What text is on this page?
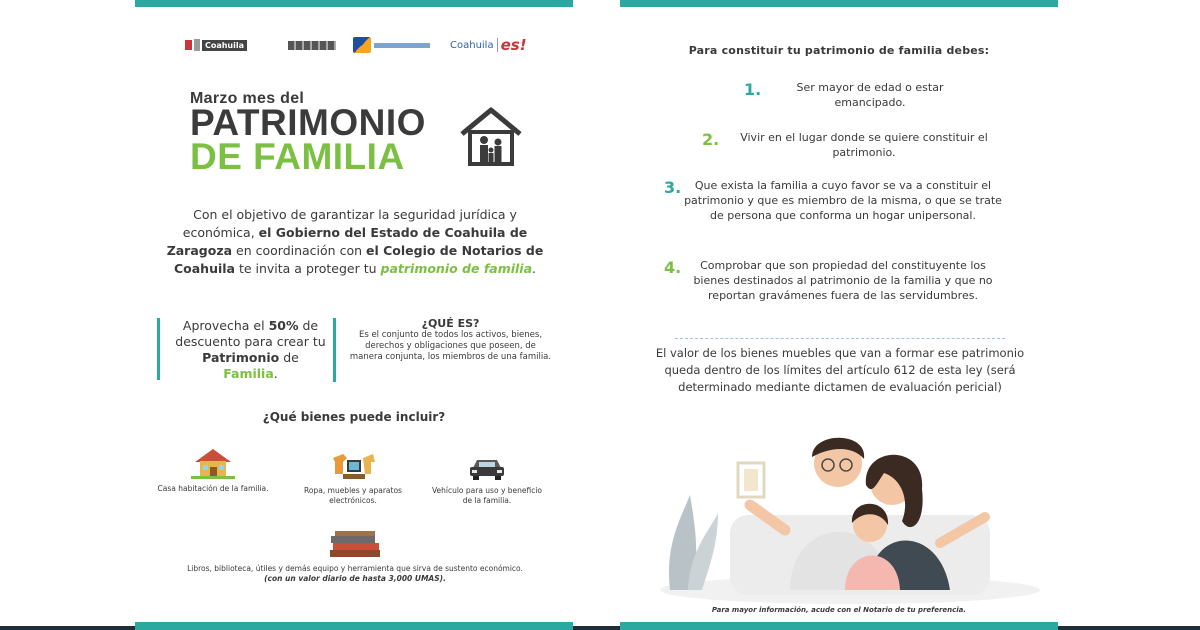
Coahuila	Coahuila es!
Marzo mes del
PATRIMONIO
DE FAMILIA
Con el objetivo de garantizar la seguridad jurídica y económica, el Gobierno del Estado de Coahuila de Zaragoza en coordinación con el Colegio de Notarios de Coahuila te invita a proteger tu patrimonio de familia.
Aprovecha el 50% de descuento para crear tu Patrimonio de Familia.
¿QUÉ ES?
Es el conjunto de todos los activos, bienes, derechos y obligaciones que poseen, de manera conjunta, los miembros de una familia.
¿Qué bienes puede incluir?
Casa habitación de la familia.	Ropa, muebles y aparatos electrónicos.
Vehículo para uso y beneficio de la familia.
Libros, biblioteca, útiles y demás equipo y herramienta que sirva de sustento económico. (con un valor diario de hasta 3,000 UMAS).
Para constituir tu patrimonio de familia debes:
1.	Ser mayor de edad o estar emancipado.
2.	Vivir en el lugar donde se quiere constituir el patrimonio.
3.	Que exista la familia a cuyo favor se va a constituir el patrimonio y que es miembro de la misma, o que se trate de persona que conforma un hogar unipersonal.
4.	Comprobar que son propiedad del constituyente los bienes destinados al patrimonio de la familia y que no reportan gravámenes fuera de las servidumbres.
El valor de los bienes muebles que van a formar ese patrimonio queda dentro de los límites del artículo 612 de esta ley (será determinado mediante dictamen de evaluación pericial)
Para mayor información, acude con el Notario de tu preferencia.
